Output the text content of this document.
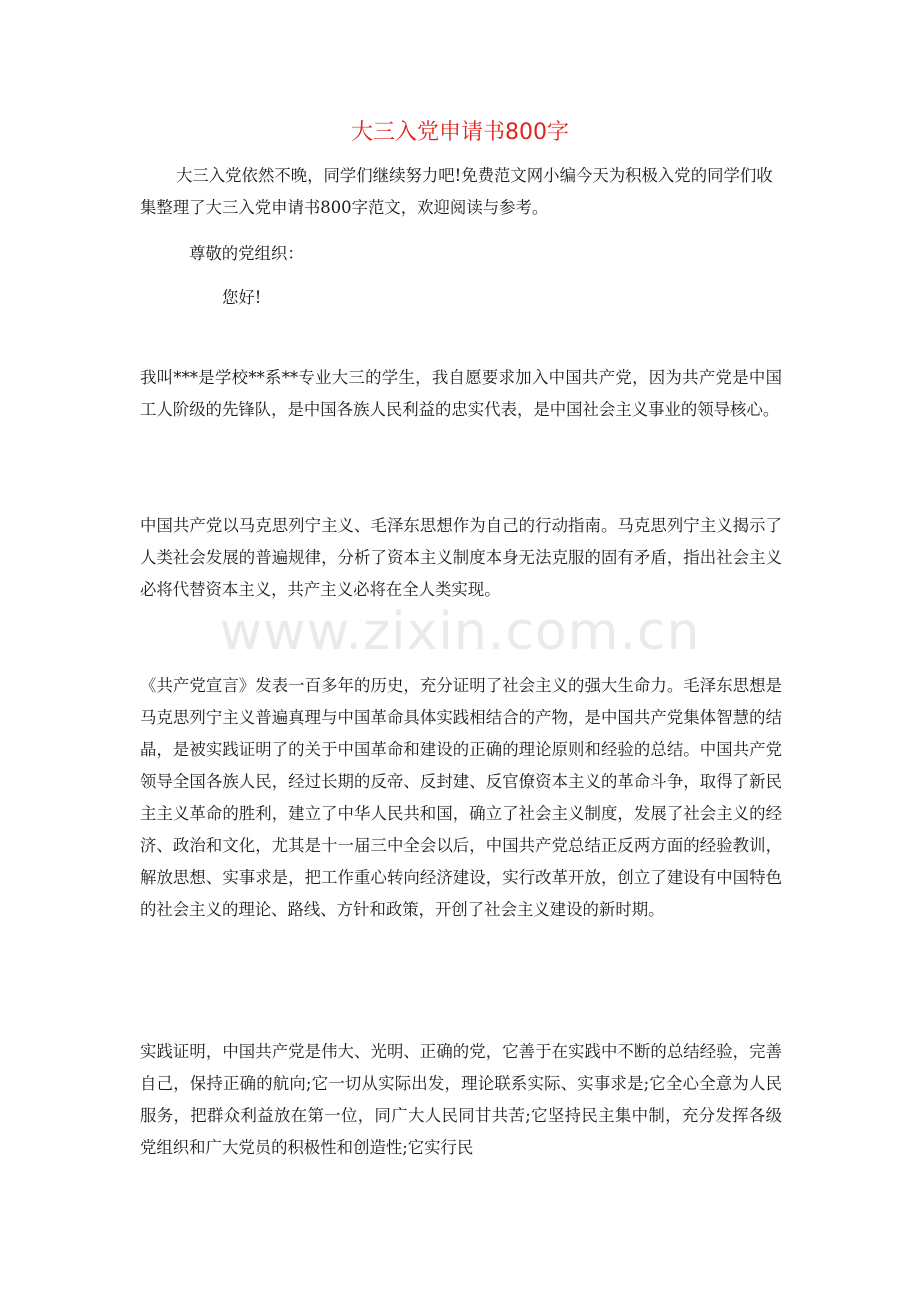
大三入党申请书800字

大三入党依然不晚，同学们继续努力吧!免费范文网小编今天为积极入党的同学们收集整理了大三入党申请书800字范文，欢迎阅读与参考。

尊敬的党组织：

您好!

我叫***是学校**系**专业大三的学生，我自愿要求加入中国共产党，因为共产党是中国工人阶级的先锋队，是中国各族人民利益的忠实代表，是中国社会主义事业的领导核心。

中国共产党以马克思列宁主义、毛泽东思想作为自己的行动指南。马克思列宁主义揭示了人类社会发展的普遍规律，分析了资本主义制度本身无法克服的固有矛盾，指出社会主义必将代替资本主义，共产主义必将在全人类实现。

www.zixin.com.cn

《共产党宣言》发表一百多年的历史，充分证明了社会主义的强大生命力。毛泽东思想是马克思列宁主义普遍真理与中国革命具体实践相结合的产物，是中国共产党集体智慧的结晶，是被实践证明了的关于中国革命和建设的正确的理论原则和经验的总结。中国共产党领导全国各族人民，经过长期的反帝、反封建、反官僚资本主义的革命斗争，取得了新民主主义革命的胜利，建立了中华人民共和国，确立了社会主义制度，发展了社会主义的经济、政治和文化，尤其是十一届三中全会以后，中国共产党总结正反两方面的经验教训，解放思想、实事求是，把工作重心转向经济建设，实行改革开放，创立了建设有中国特色的社会主义的理论、路线、方针和政策，开创了社会主义建设的新时期。

实践证明，中国共产党是伟大、光明、正确的党，它善于在实践中不断的总结经验，完善自己，保持正确的航向;它一切从实际出发，理论联系实际、实事求是;它全心全意为人民服务，把群众利益放在第一位，同广大人民同甘共苦;它坚持民主集中制，充分发挥各级党组织和广大党员的积极性和创造性;它实行民
